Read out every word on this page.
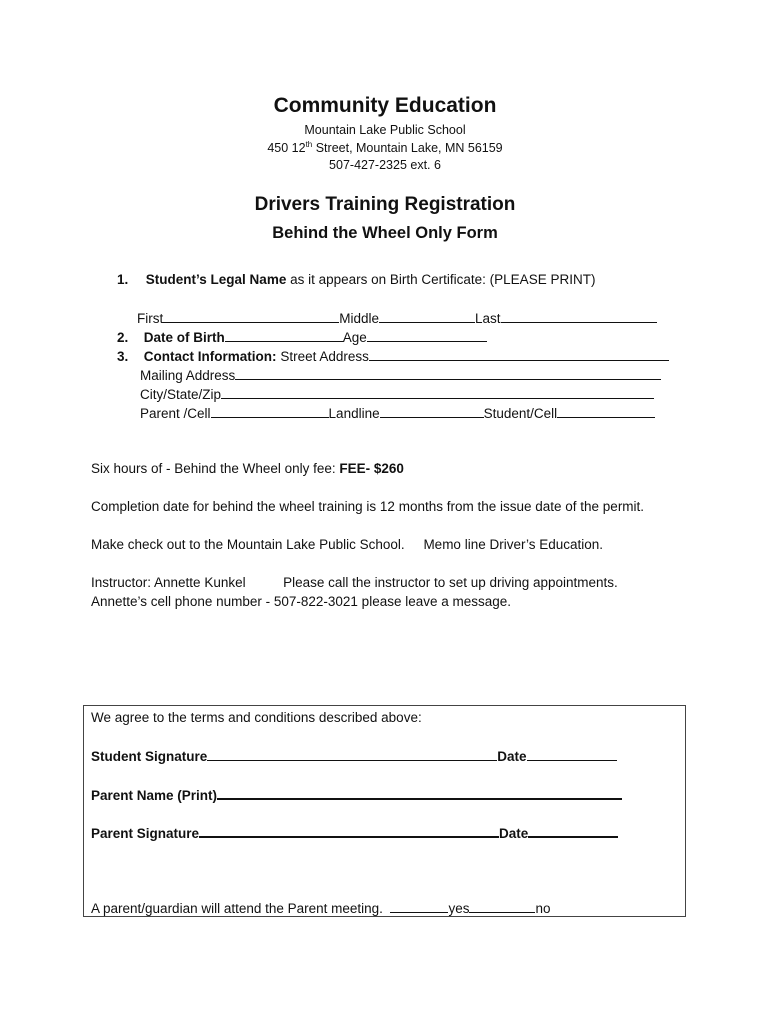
Community Education
Mountain Lake Public School
450 12th Street, Mountain Lake, MN 56159
507-427-2325 ext. 6
Drivers Training Registration
Behind the Wheel Only Form
1. Student’s Legal Name as it appears on Birth Certificate: (PLEASE PRINT)
First	Middle	Last
2. Date of Birth	Age
3. Contact Information: Street Address
Mailing Address
City/State/Zip
Parent /Cell	Landline	Student/Cell
Six hours of - Behind the Wheel only fee: FEE- $260
Completion date for behind the wheel training is 12 months from the issue date of the permit.
Make check out to the Mountain Lake Public School.     Memo line Driver’s Education.
Instructor: Annette Kunkel	Please call the instructor to set up driving appointments.
Annette’s cell phone number - 507-822-3021 please leave a message.
We agree to the terms and conditions described above:
Student Signature	Date
Parent Name (Print)
Parent Signature	Date
A parent/guardian will attend the Parent meeting.	yes	no
